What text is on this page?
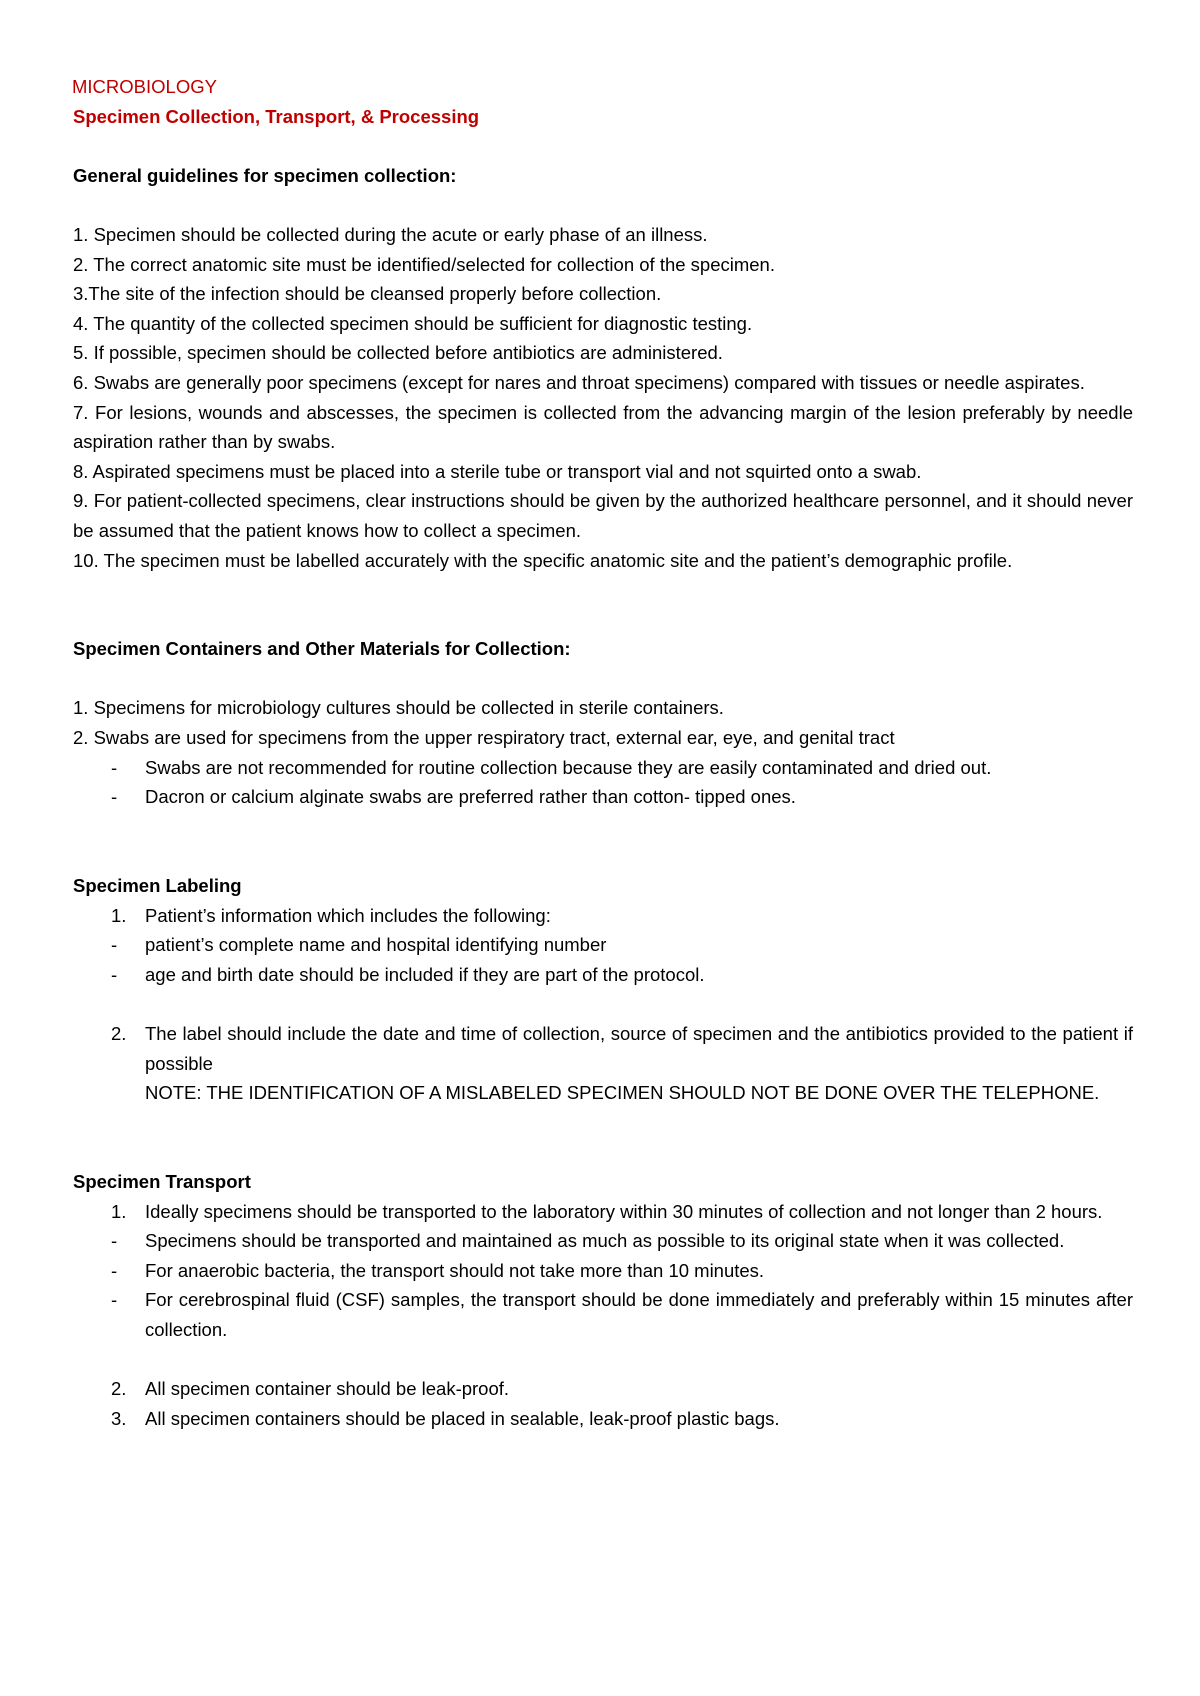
MICROBIOLOGY

Specimen Collection, Transport, & Processing

General guidelines for specimen collection:

1. Specimen should be collected during the acute or early phase of an illness.

2. The correct anatomic site must be identified/selected for collection of the specimen.

3.The site of the infection should be cleansed properly before collection.

4. The quantity of the collected specimen should be sufficient for diagnostic testing.

5. If possible, specimen should be collected before antibiotics are administered.

6. Swabs are generally poor specimens (except for nares and throat specimens) compared with tissues or needle aspirates.

7. For lesions, wounds and abscesses, the specimen is collected from the advancing margin of the lesion preferably by needle aspiration rather than by swabs.

8. Aspirated specimens must be placed into a sterile tube or transport vial and not squirted onto a swab.

9. For patient-collected specimens, clear instructions should be given by the authorized healthcare personnel, and it should never be assumed that the patient knows how to collect a specimen.

10. The specimen must be labelled accurately with the specific anatomic site and the patient’s demographic profile.

Specimen Containers and Other Materials for Collection:

1. Specimens for microbiology cultures should be collected in sterile containers.

2. Swabs are used for specimens from the upper respiratory tract, external ear, eye, and genital tract

- Swabs are not recommended for routine collection because they are easily contaminated and dried out.
- Dacron or calcium alginate swabs are preferred rather than cotton- tipped ones.

Specimen Labeling

1. Patient’s information which includes the following:
- patient’s complete name and hospital identifying number
- age and birth date should be included if they are part of the protocol.
2. The label should include the date and time of collection, source of specimen and the antibiotics provided to the patient if possible

NOTE: THE IDENTIFICATION OF A MISLABELED SPECIMEN SHOULD NOT BE DONE OVER THE TELEPHONE.

Specimen Transport

1. Ideally specimens should be transported to the laboratory within 30 minutes of collection and not longer than 2 hours.
- Specimens should be transported and maintained as much as possible to its original state when it was collected.
- For anaerobic bacteria, the transport should not take more than 10 minutes.
- For cerebrospinal fluid (CSF) samples, the transport should be done immediately and preferably within 15 minutes after collection.
2. All specimen container should be leak-proof.
3. All specimen containers should be placed in sealable, leak-proof plastic bags.
